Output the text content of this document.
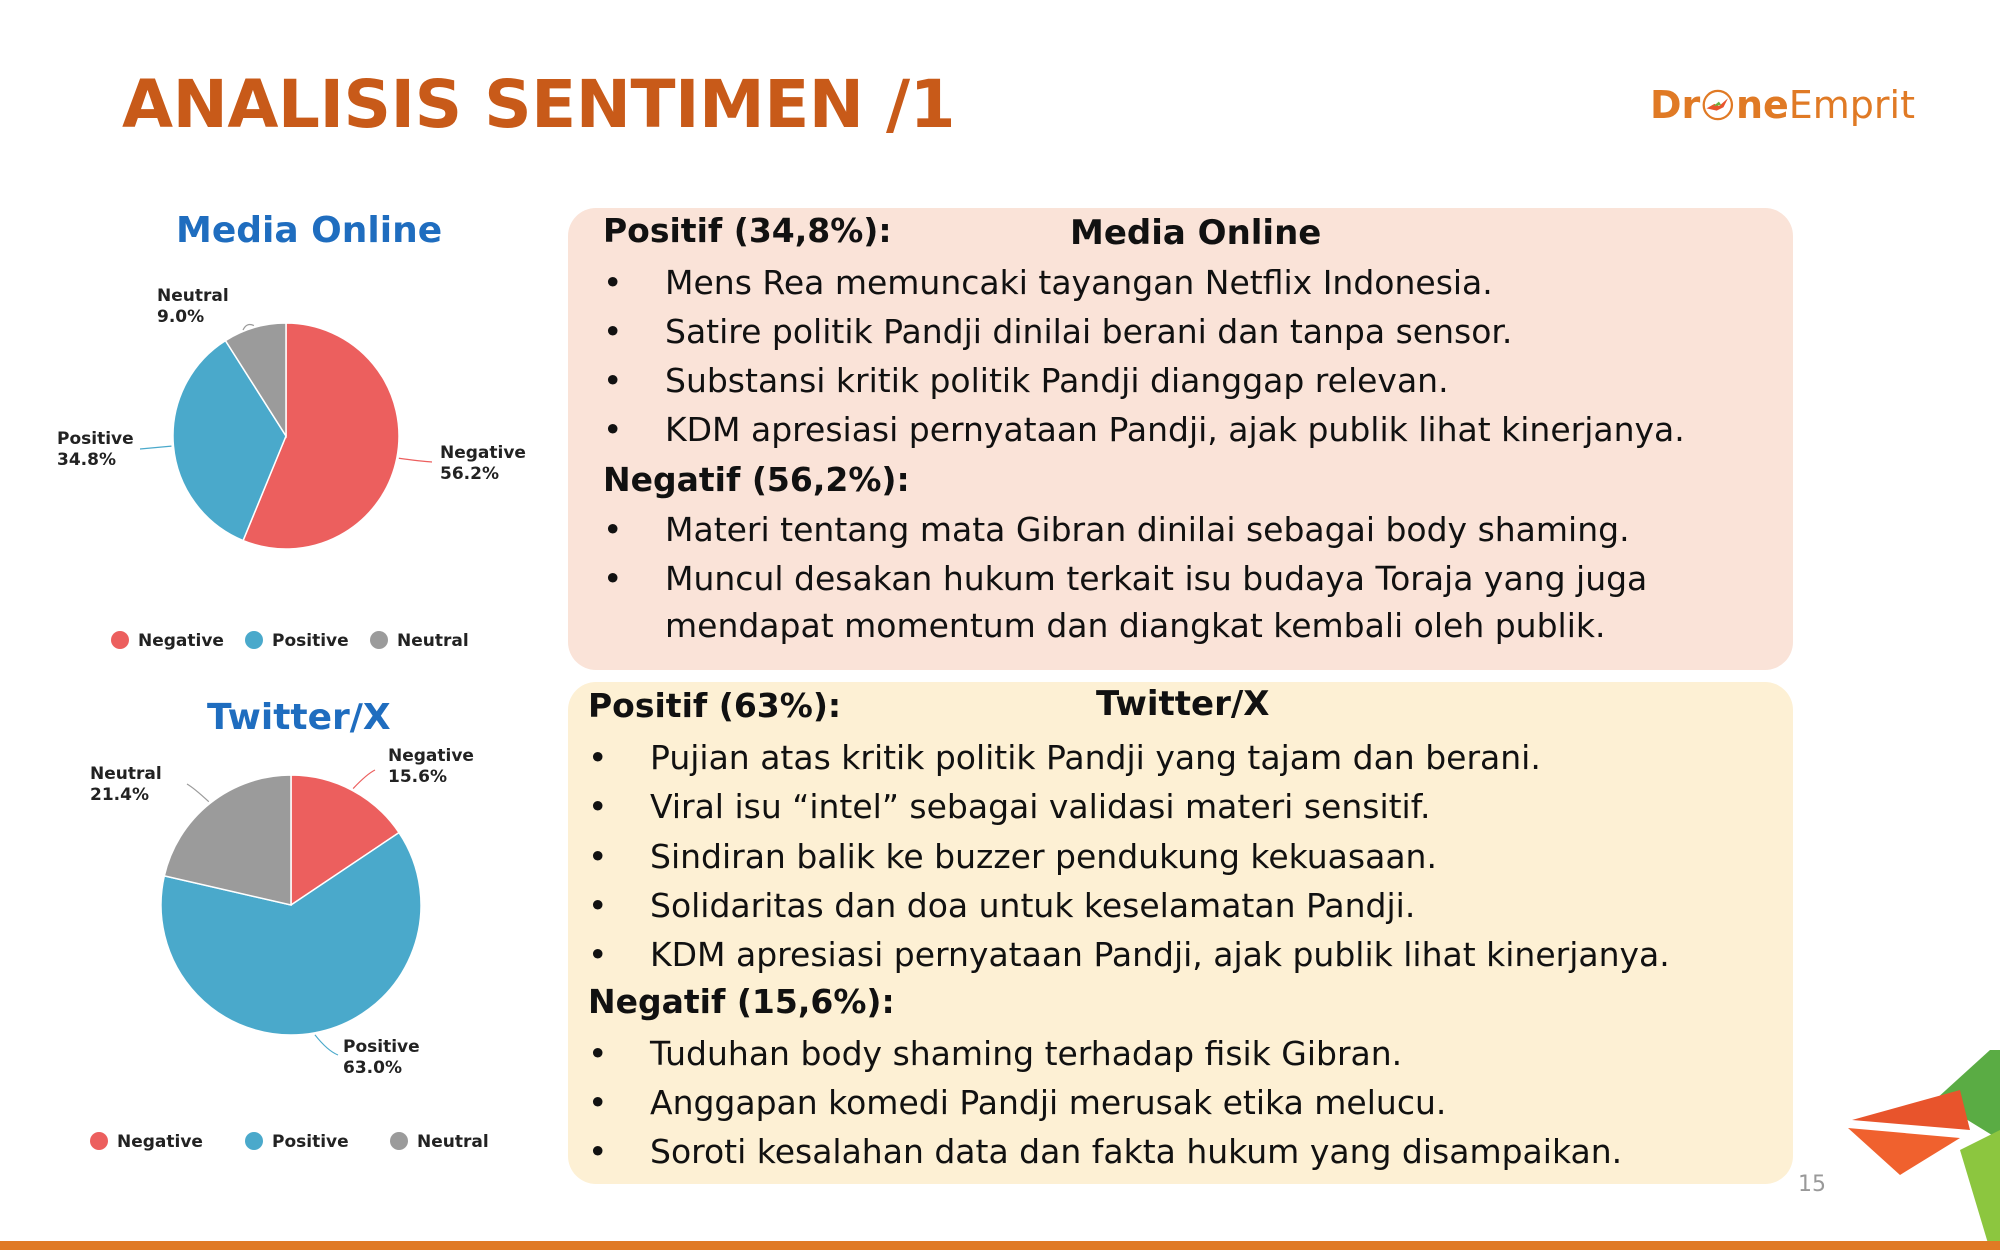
ANALISIS SENTIMEN /1	Dr ne Emprit
Media Online
Twitter/X
Negative 56.2%
Positive 34.8%
Neutral 9.0%
Negative	Positive	Neutral
Negative 15.6%
Positive 63.0%
Neutral 21.4%
Negative	Positive	Neutral
Media Online
Positif (34,8%):
• Mens Rea memuncaki tayangan Netflix Indonesia.
• Satire politik Pandji dinilai berani dan tanpa sensor.
• Substansi kritik politik Pandji dianggap relevan.
• KDM apresiasi pernyataan Pandji, ajak publik lihat kinerjanya.
Negatif (56,2%):
• Materi tentang mata Gibran dinilai sebagai body shaming.
• Muncul desakan hukum terkait isu budaya Toraja yang juga
mendapat momentum dan diangkat kembali oleh publik.
Twitter/X
Positif (63%):
• Pujian atas kritik politik Pandji yang tajam dan berani.
• Viral isu “intel” sebagai validasi materi sensitif.
• Sindiran balik ke buzzer pendukung kekuasaan.
• Solidaritas dan doa untuk keselamatan Pandji.
• KDM apresiasi pernyataan Pandji, ajak publik lihat kinerjanya.
Negatif (15,6%):
• Tuduhan body shaming terhadap fisik Gibran.
• Anggapan komedi Pandji merusak etika melucu.
• Soroti kesalahan data dan fakta hukum yang disampaikan.
15
